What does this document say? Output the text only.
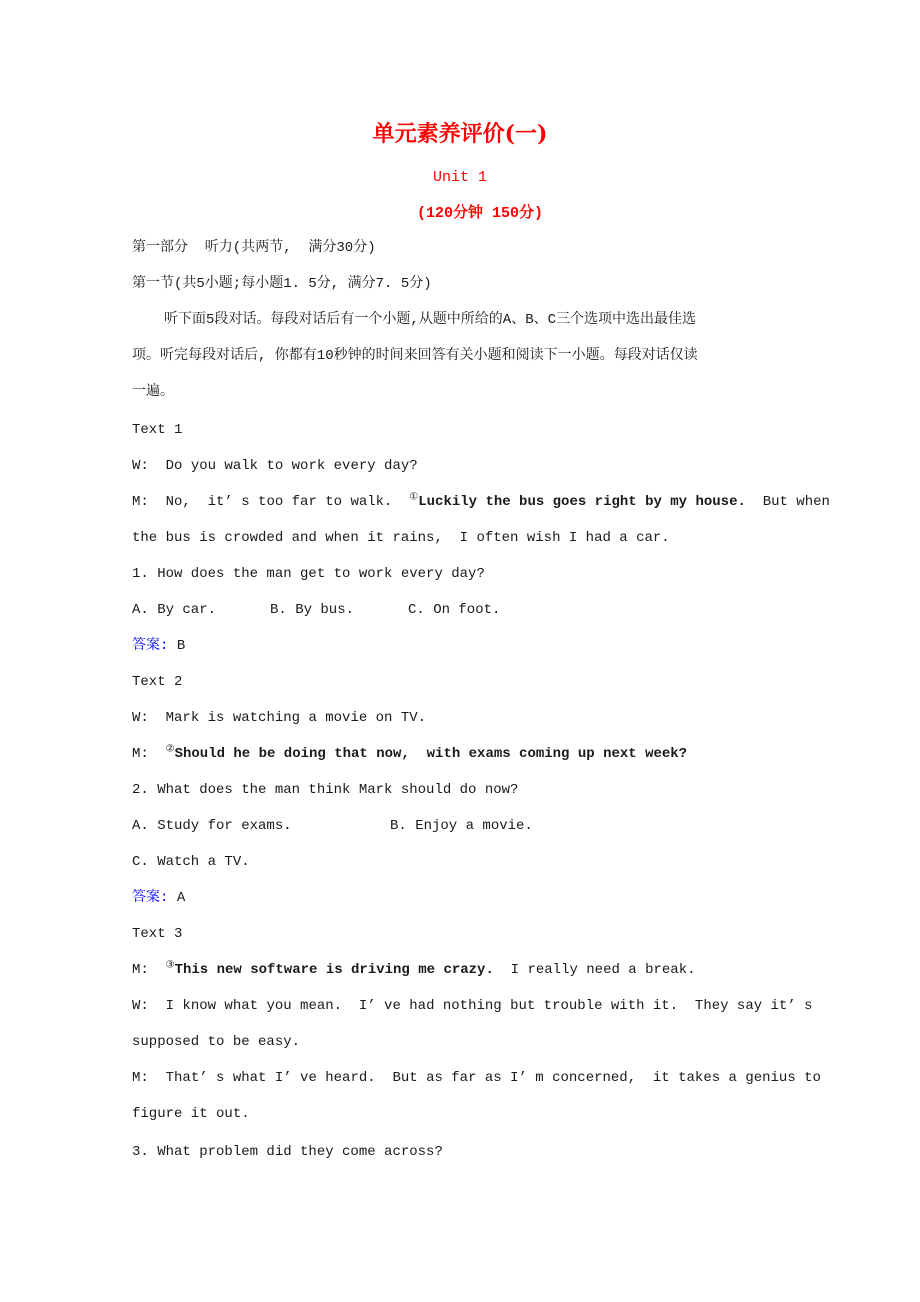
单元素养评价(一)
Unit 1
(120分钟 150分)
第一部分  听力(共两节,  满分30分)
第一节(共5小题;每小题1. 5分, 满分7. 5分)
听下面5段对话。每段对话后有一个小题,从题中所给的A、B、C三个选项中选出最佳选
项。听完每段对话后, 你都有10秒钟的时间来回答有关小题和阅读下一小题。每段对话仅读
一遍。
Text 1
W: Do you walk to work every day?
M: No,  it’ s too far to walk.  ①Luckily the bus goes right by my house.  But when
the bus is crowded and when it rains,  I often wish I had a car.
1. How does the man get to work every day?
A. By car.	B. By bus.	C. On foot.
答案: B
Text 2
W: Mark is watching a movie on TV.
M: ②Should he be doing that now,  with exams coming up next week?
2. What does the man think Mark should do now?
A. Study for exams.	B. Enjoy a movie.
C. Watch a TV.
答案: A
Text 3
M: ③This new software is driving me crazy.  I really need a break.
W: I know what you mean.  I’ ve had nothing but trouble with it.  They say it’ s
supposed to be easy.
M: That’ s what I’ ve heard.  But as far as I’ m concerned,  it takes a genius to
figure it out.
3. What problem did they come across?
